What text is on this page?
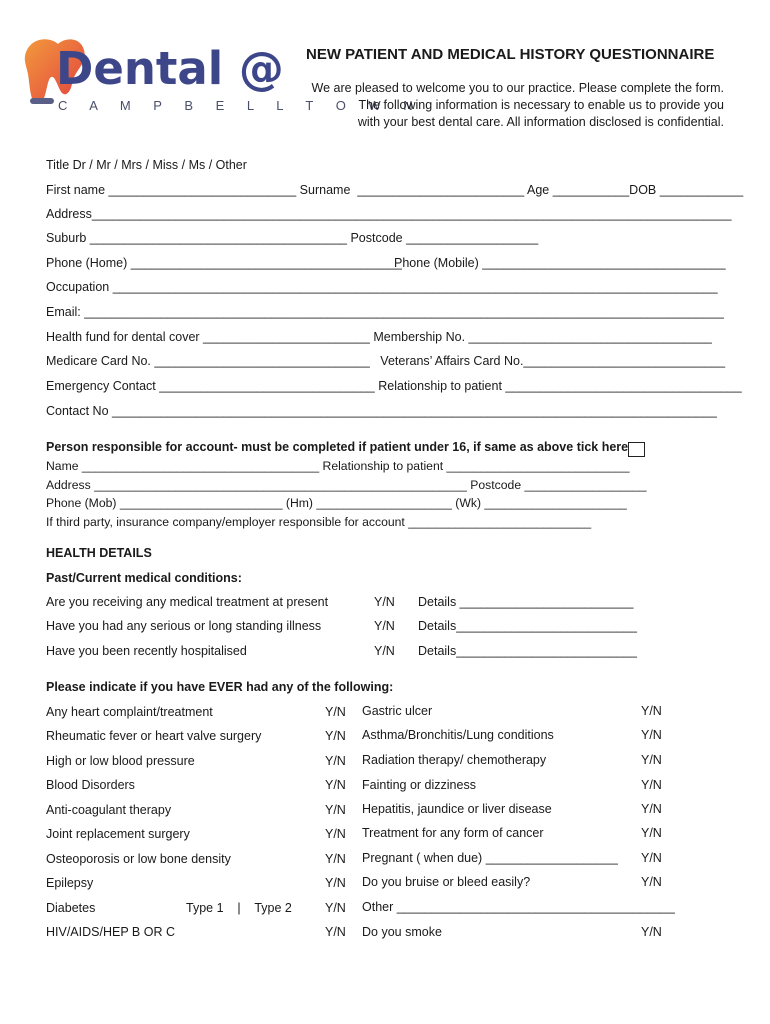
Dental @
C A M P B E L L T O W N
NEW PATIENT AND MEDICAL HISTORY QUESTIONNAIRE
We are pleased to welcome you to our practice. Please complete the form.
The following information is necessary to enable us to provide you
with your best dental care. All information disclosed is confidential.
Title Dr / Mr / Mrs / Miss / Ms / Other
First name ___________________________ Surname  ________________________ Age ___________DOB ____________
Address____________________________________________________________________________________________
Suburb _____________________________________ Postcode ___________________
Phone (Home) _______________________________________
Phone (Mobile) ___________________________________
Occupation _______________________________________________________________________________________
Email: ____________________________________________________________________________________________
Health fund for dental cover ________________________ Membership No. ___________________________________
Medicare Card No. _______________________________   Veterans’ Affairs Card No._____________________________
Emergency Contact _______________________________ Relationship to patient __________________________________
Contact No _______________________________________________________________________________________
Person responsible for account- must be completed if patient under 16, if same as above tick here
Name ___________________________________ Relationship to patient ___________________________
Address _______________________________________________________ Postcode __________________
Phone (Mob) ________________________ (Hm) ____________________ (Wk) _____________________
If third party, insurance company/employer responsible for account ___________________________
HEALTH DETAILS
Past/Current medical conditions:
Are you receiving any medical treatment at present	Y/N Details _________________________
Have you had any serious or long standing illness	Y/N Details__________________________
Have you been recently hospitalised	Y/N Details__________________________
Please indicate if you have EVER had any of the following:
Any heart complaint/treatment	Y/N
Rheumatic fever or heart valve surgery	Y/N
High or low blood pressure	Y/N
Blood Disorders	Y/N
Anti-coagulant therapy	Y/N
Joint replacement surgery	Y/N
Osteoporosis or low bone density	Y/N
Epilepsy	Y/N
Diabetes	Type 1    |    Type 2	Y/N
HIV/AIDS/HEP B OR C	Y/N
Gastric ulcer	Y/N
Asthma/Bronchitis/Lung conditions	Y/N
Radiation therapy/ chemotherapy	Y/N
Fainting or dizziness	Y/N
Hepatitis, jaundice or liver disease	Y/N
Treatment for any form of cancer	Y/N
Pregnant ( when due) ___________________ Y/N
Do you bruise or bleed easily?	Y/N
Other ________________________________________
Do you smoke	Y/N
